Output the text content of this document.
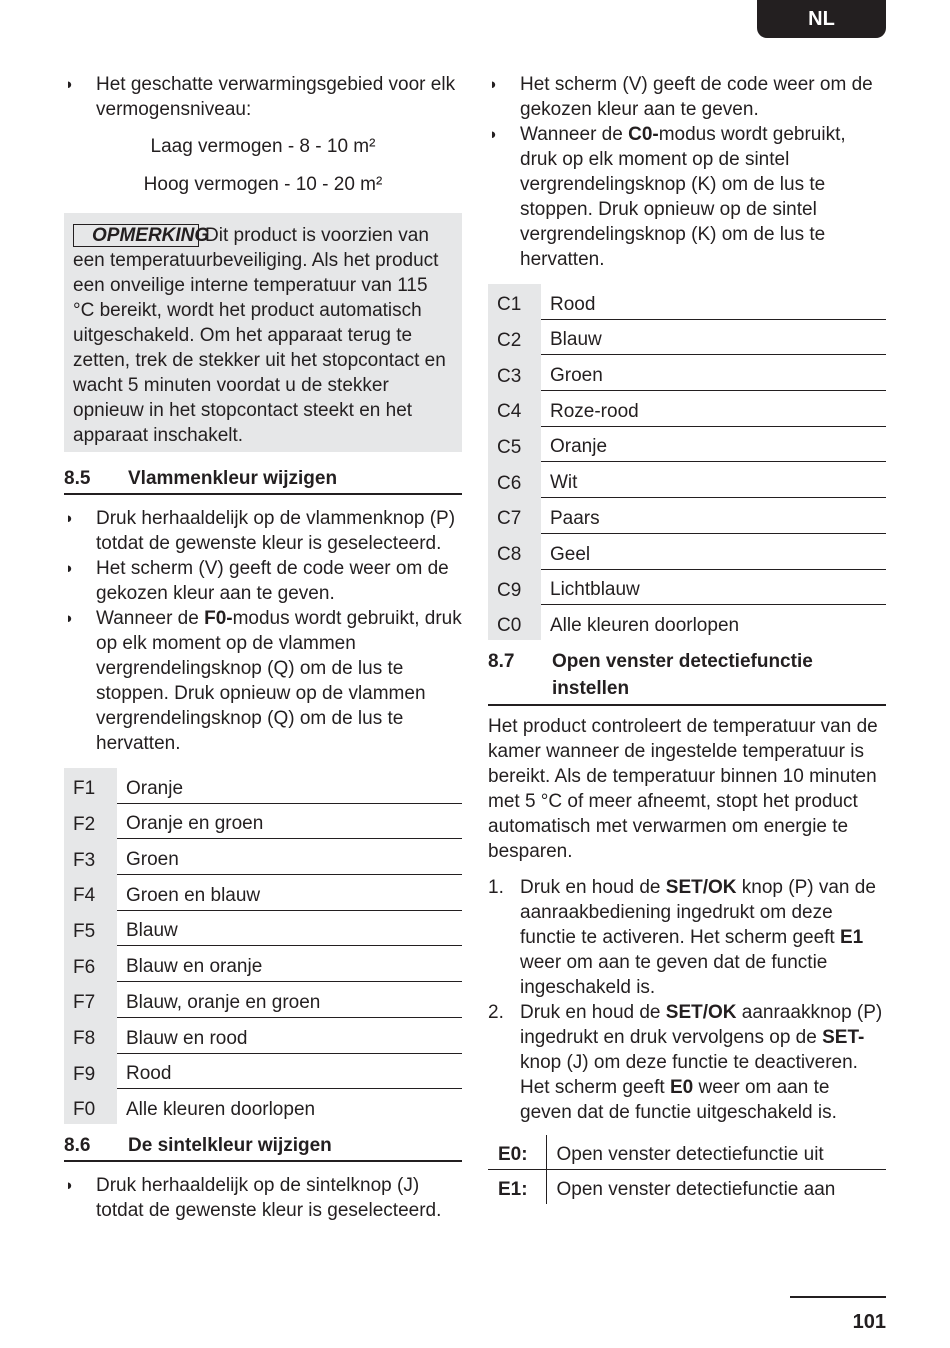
NL

◗ Het geschatte verwarmingsgebied voor elk vermogensniveau:

Laag vermogen - 8 - 10 m²

Hoog vermogen - 10 - 20 m²

OPMERKINGDit product is voorzien van een temperatuurbeveiliging. Als het product een onveilige interne temperatuur van 115 °C bereikt, wordt het product automatisch uitgeschakeld. Om het apparaat terug te zetten, trek de stekker uit het stopcontact en wacht 5 minuten voordat u de stekker opnieuw in het stopcontact steekt en het apparaat inschakelt.
8.5	Vlammenkleur wijzigen

◗ Druk herhaaldelijk op de vlammenknop (P) totdat de gewenste kleur is geselecteerd.

◗ Het scherm (V) geeft de code weer om de gekozen kleur aan te geven.

◗ Wanneer de F0-modus wordt gebruikt, druk op elk moment op de vlammen vergrendelingsknop (Q) om de lus te stoppen. Druk opnieuw op de vlammen vergrendelingsknop (Q) om de lus te hervatten.

F1	Oranje
F2	Oranje en groen
F3	Groen
F4	Groen en blauw
F5	Blauw
F6	Blauw en oranje
F7	Blauw, oranje en groen
F8	Blauw en rood
F9	Rood
F0	Alle kleuren doorlopen
8.6	De sintelkleur wijzigen

◗ Druk herhaaldelijk op de sintelknop (J) totdat de gewenste kleur is geselecteerd.

◗ Het scherm (V) geeft de code weer om de gekozen kleur aan te geven.

◗ Wanneer de C0-modus wordt gebruikt, druk op elk moment op de sintel vergrendelingsknop (K) om de lus te stoppen. Druk opnieuw op de sintel vergrendelingsknop (K) om de lus te hervatten.

C1	Rood
C2	Blauw
C3	Groen
C4	Roze-rood
C5	Oranje
C6	Wit
C7	Paars
C8	Geel
C9	Lichtblauw
C0	Alle kleuren doorlopen
8.7	Open venster detectiefunctie instellen

Het product controleert de temperatuur van de kamer wanneer de ingestelde temperatuur is bereikt. Als de temperatuur binnen 10 minuten met 5 °C of meer afneemt, stopt het product automatisch met verwarmen om energie te besparen.

1. Druk en houd de SET/OK knop (P) van de aanraakbediening ingedrukt om deze functie te activeren. Het scherm geeft E1 weer om aan te geven dat de functie ingeschakeld is.
2. Druk en houd de SET/OK aanraakknop (P) ingedrukt en druk vervolgens op de SET- knop (J) om deze functie te deactiveren. Het scherm geeft E0 weer om aan te geven dat de functie uitgeschakeld is.
E0:	Open venster detectiefunctie uit
E1:	Open venster detectiefunctie aan
101
